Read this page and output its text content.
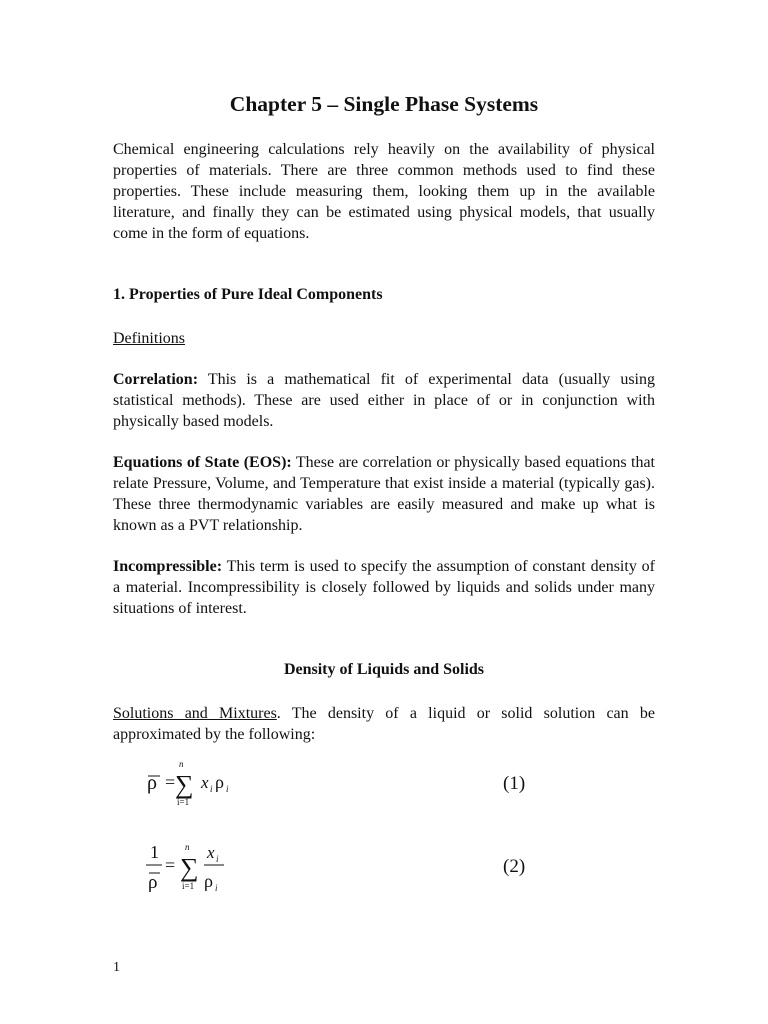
Chapter 5 – Single Phase Systems

Chemical engineering calculations rely heavily on the availability of physical properties of materials. There are three common methods used to find these properties. These include measuring them, looking them up in the available literature, and finally they can be estimated using physical models, that usually come in the form of equations.

1. Properties of Pure Ideal Components

Definitions

Correlation: This is a mathematical fit of experimental data (usually using statistical methods). These are used either in place of or in conjunction with physically based models.

Equations of State (EOS): These are correlation or physically based equations that relate Pressure, Volume, and Temperature that exist inside a material (typically gas). These three thermodynamic variables are easily measured and make up what is known as a PVT relationship.

Incompressible: This term is used to specify the assumption of constant density of a material. Incompressibility is closely followed by liquids and solids under many situations of interest.

Density of Liquids and Solids

Solutions and Mixtures. The density of a liquid or solid solution can be approximated by the following:

ρ =
n
∑
i=1
x i ρ i	(1)
1
ρ
=
n
∑
i=1
x i
ρ i
(2)
1
